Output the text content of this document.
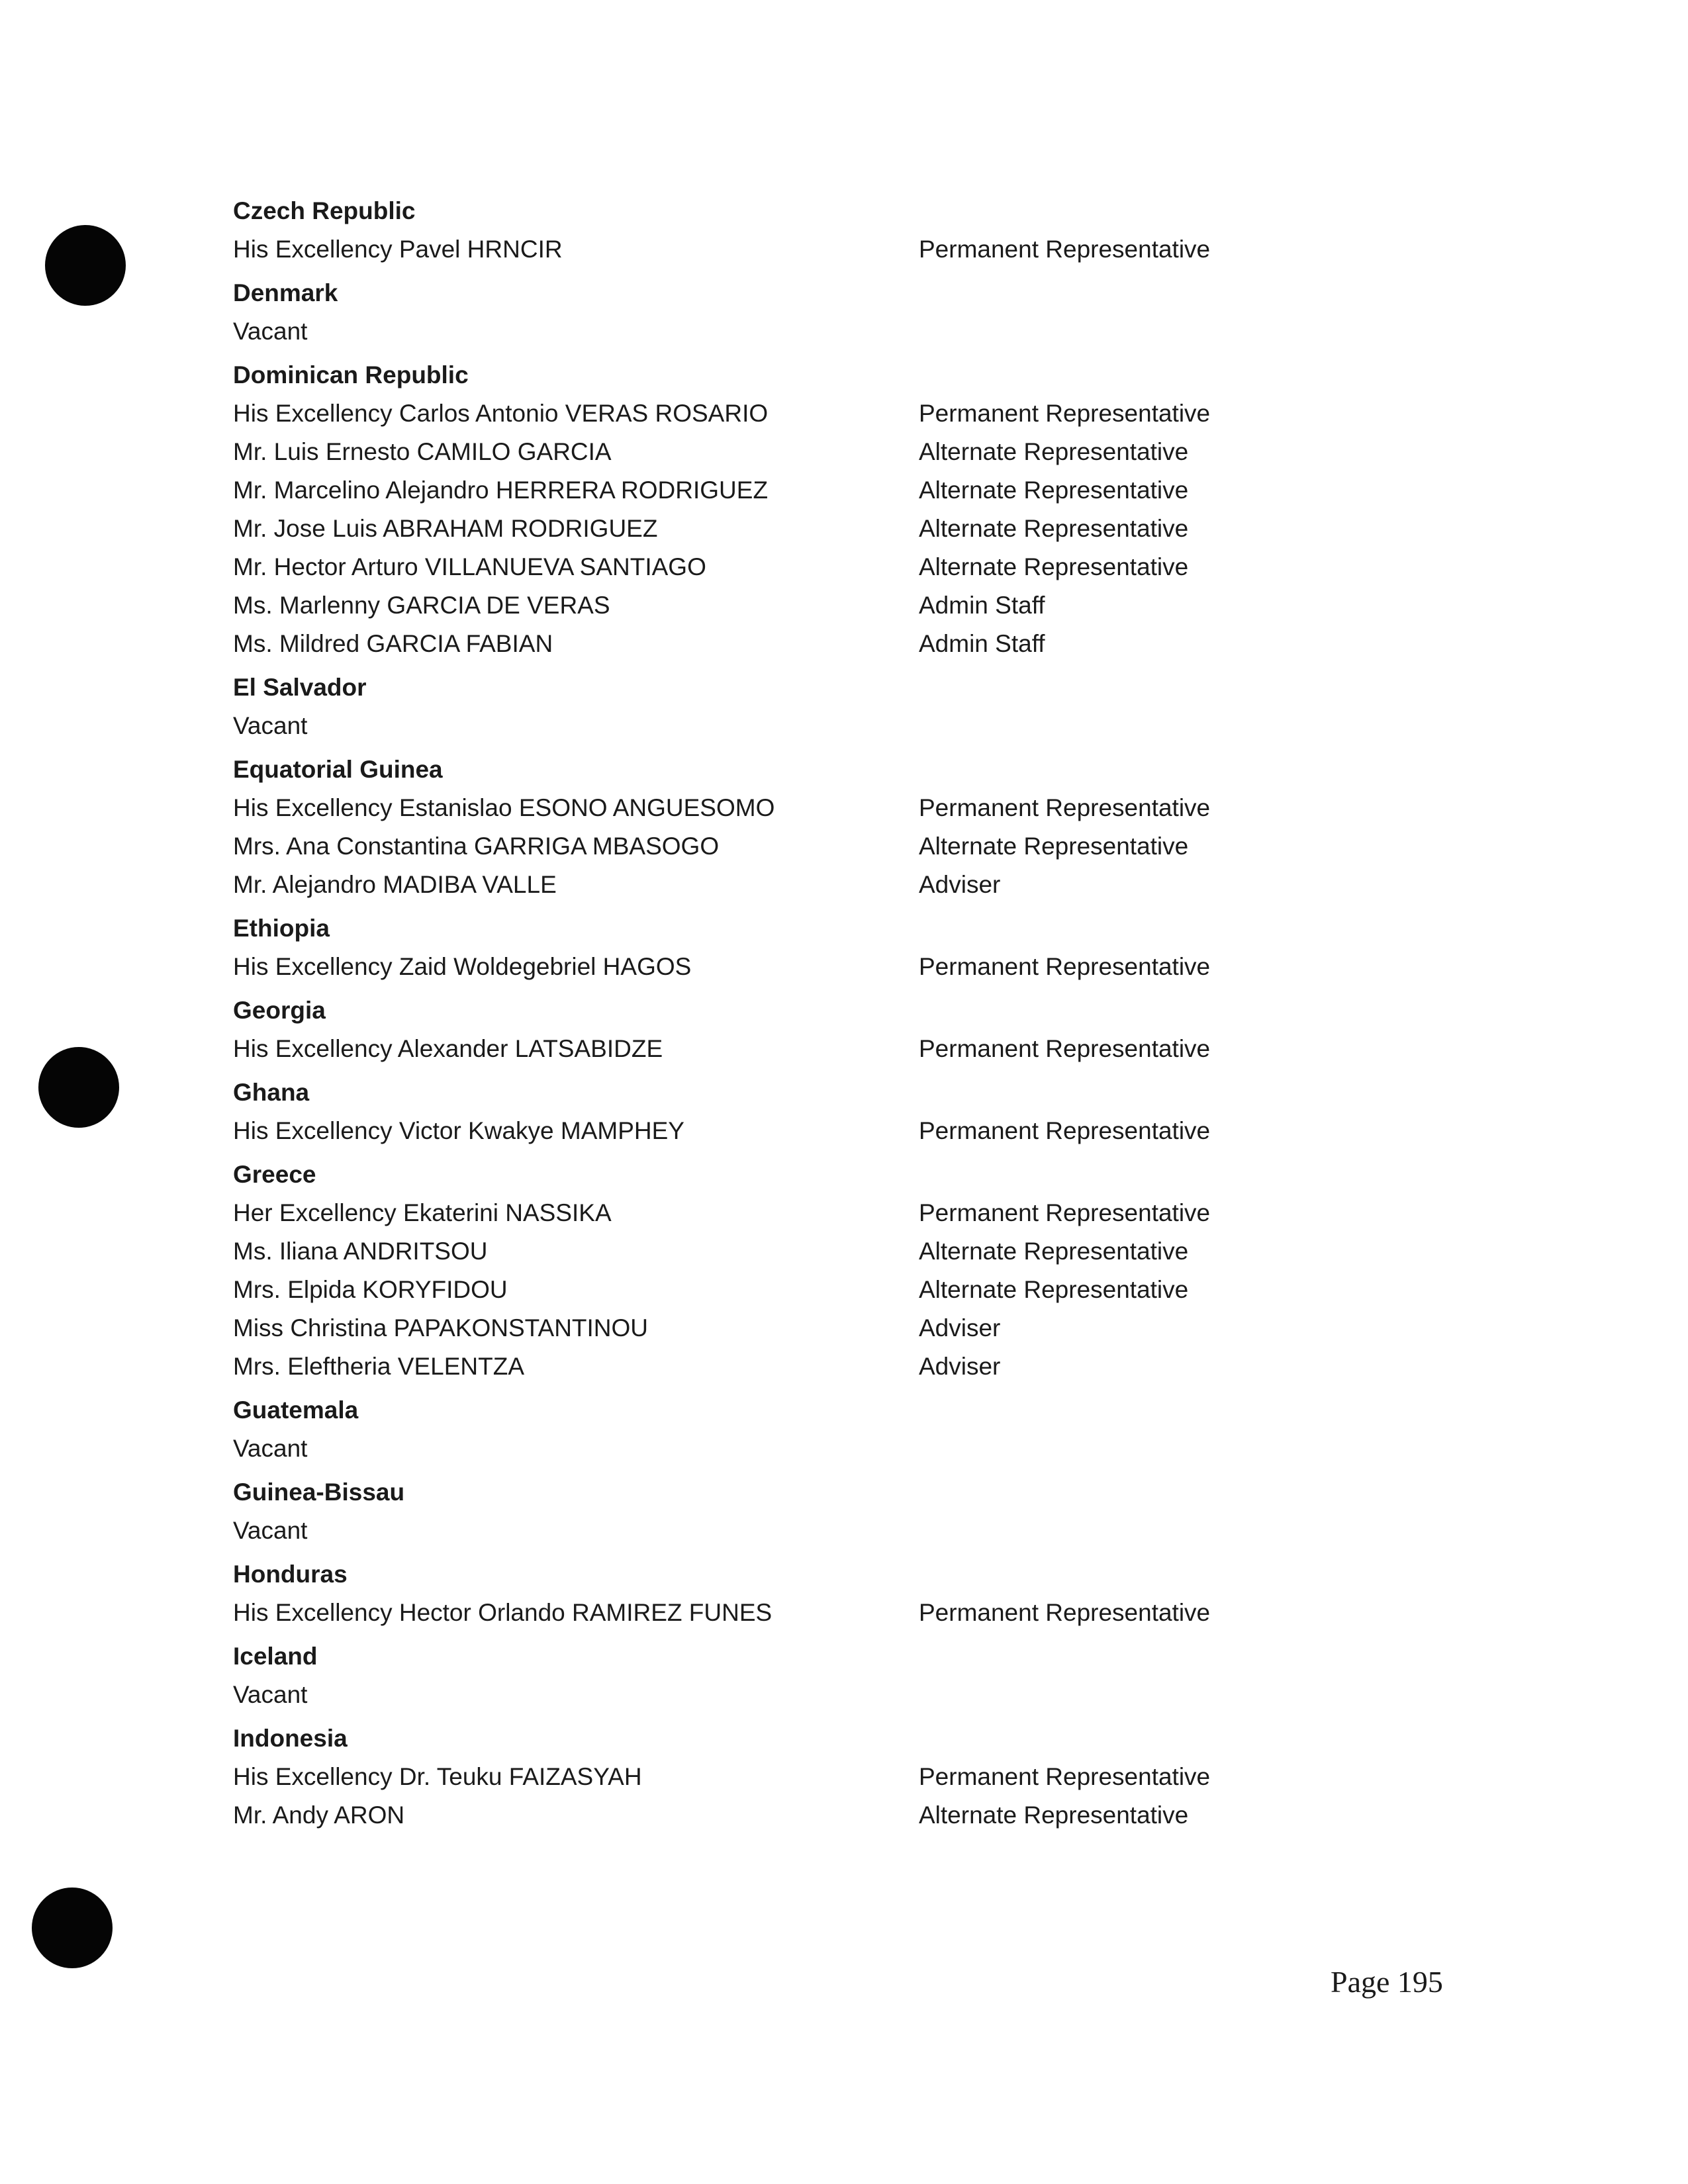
Czech Republic
His Excellency Pavel HRNCIR	Permanent Representative
Denmark
Vacant
Dominican Republic
His Excellency Carlos Antonio VERAS ROSARIO	Permanent Representative
Mr. Luis Ernesto CAMILO GARCIA	Alternate Representative
Mr. Marcelino Alejandro HERRERA RODRIGUEZ	Alternate Representative
Mr. Jose Luis ABRAHAM RODRIGUEZ	Alternate Representative
Mr. Hector Arturo VILLANUEVA SANTIAGO	Alternate Representative
Ms. Marlenny GARCIA DE VERAS	Admin Staff
Ms. Mildred GARCIA FABIAN	Admin Staff
El Salvador
Vacant
Equatorial Guinea
His Excellency Estanislao ESONO ANGUESOMO	Permanent Representative
Mrs. Ana Constantina GARRIGA MBASOGO	Alternate Representative
Mr. Alejandro MADIBA VALLE	Adviser
Ethiopia
His Excellency Zaid Woldegebriel HAGOS	Permanent Representative
Georgia
His Excellency Alexander LATSABIDZE	Permanent Representative
Ghana
His Excellency Victor Kwakye MAMPHEY	Permanent Representative
Greece
Her Excellency Ekaterini NASSIKA	Permanent Representative
Ms. Iliana ANDRITSOU	Alternate Representative
Mrs. Elpida KORYFIDOU	Alternate Representative
Miss Christina PAPAKONSTANTINOU	Adviser
Mrs. Eleftheria VELENTZA	Adviser
Guatemala
Vacant
Guinea-Bissau
Vacant
Honduras
His Excellency Hector Orlando RAMIREZ FUNES	Permanent Representative
Iceland
Vacant
Indonesia
His Excellency Dr. Teuku FAIZASYAH	Permanent Representative
Mr. Andy ARON	Alternate Representative
Page 195
